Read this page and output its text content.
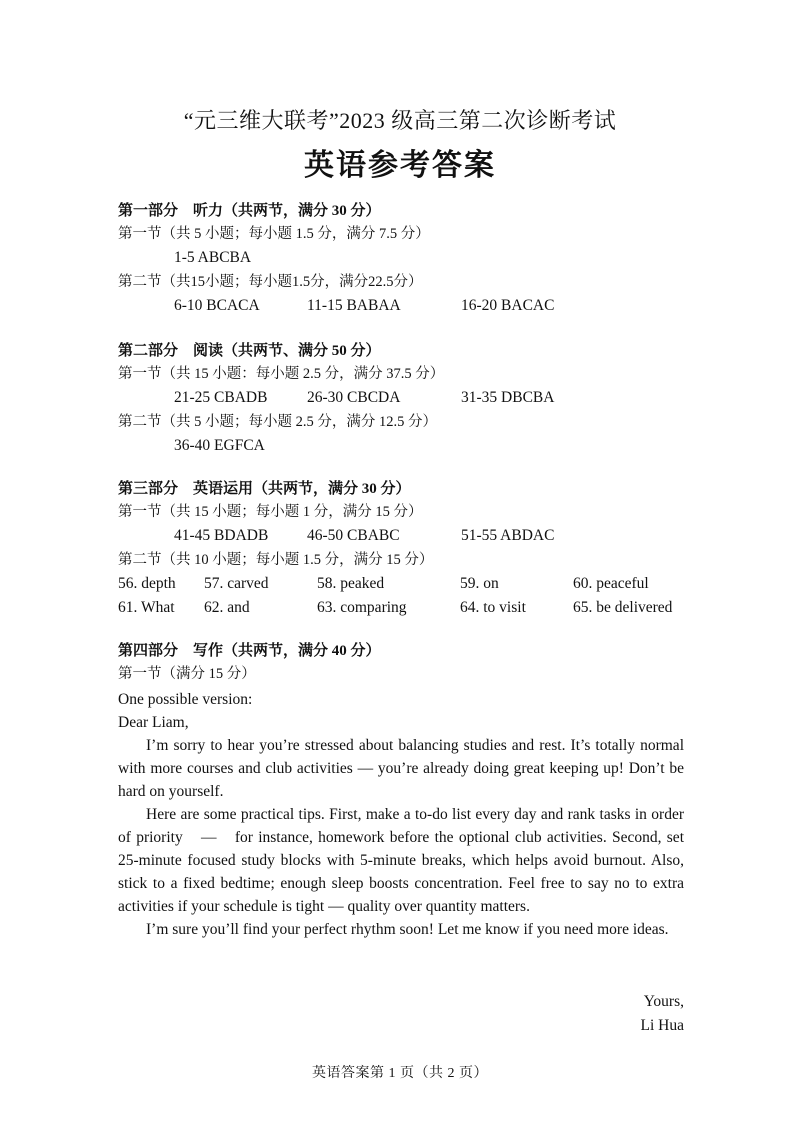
“元三维大联考”2023 级高三第二次诊断考试
英语参考答案
第一部分　听力（共两节，满分 30 分）
第一节（共 5 小题；每小题 1.5 分，满分 7.5 分）
1-5 ABCBA
第二节（共15小题；每小题1.5分，满分22.5分）
6-10 BCACA	11-15 BABAA	16-20 BACAC
第二部分　阅读（共两节、满分 50 分）
第一节（共 15 小题：每小题 2.5 分，满分 37.5 分）
21-25 CBADB	26-30 CBCDA	31-35 DBCBA
第二节（共 5 小题；每小题 2.5 分，满分 12.5 分）
36-40 EGFCA
第三部分　英语运用（共两节，满分 30 分）
第一节（共 15 小题；每小题 1 分，满分 15 分）
41-45 BDADB 46-50 CBABC	51-55 ABDAC
第二节（共 10 小题；每小题 1.5 分，满分 15 分）
56. depth 57. carved	58. peaked	59. on	60. peaceful
61. What 62. and	63. comparing	64. to visit	65. be delivered
第四部分　写作（共两节，满分 40 分）
第一节（满分 15 分）

One possible version:

Dear Liam,

I’m sorry to hear you’re stressed about balancing studies and rest. It’s totally normal with more courses and club activities — you’re already doing great keeping up! Don’t be hard on yourself.

Here are some practical tips. First, make a to-do list every day and rank tasks in order of priority　—　for instance, homework before the optional club activities. Second, set 25-minute focused study blocks with 5-minute breaks, which helps avoid burnout. Also, stick to a fixed bedtime; enough sleep boosts concentration. Feel free to say no to extra activities if your schedule is tight — quality over quantity matters.

I’m sure you’ll find your perfect rhythm soon! Let me know if you need more ideas.

Yours,
Li Hua
英语答案第 1 页（共 2 页）
